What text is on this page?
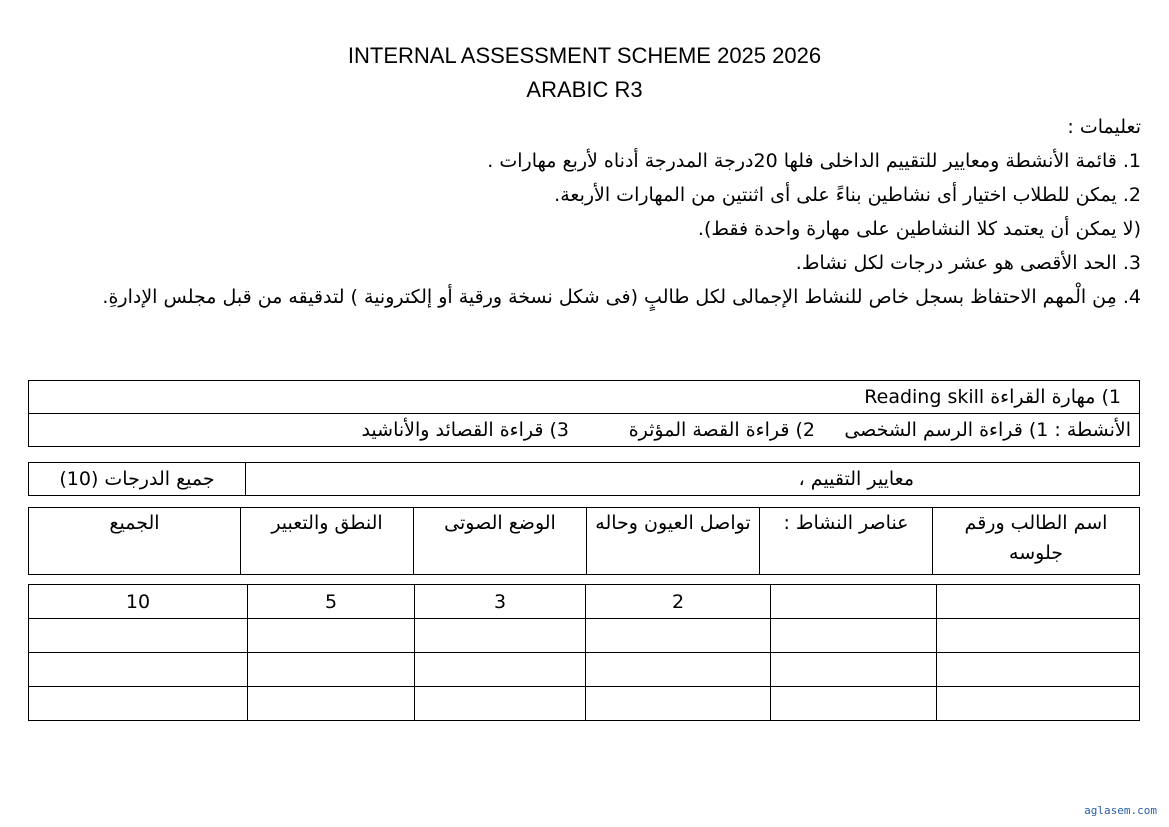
INTERNAL ASSESSMENT SCHEME 2025 2026
ARABIC R3
تعليمات :
1. قائمة الأنشطة ومعايير للتقييم الداخلى فلها 20درجة المدرجة أدناه لأربع مهارات .
2. يمكن للطلاب اختيار أى نشاطين بناءً على أى اثنتين من المهارات الأربعة.
(لا يمكن أن يعتمد كلا النشاطين على مهارة واحدة فقط).
3. الحد الأقصى هو عشر درجات لكل نشاط.
4. مِن الْمهم الاحتفاظ بسجل خاص للنشاط الإجمالى لكل طالبٍ (فى شكل نسخة ورقية أو إلكترونية ) لتدقيقه من قبل مجلس الإدارةِ.
1) مهارة القراءة Reading skill
الأنشطة : 1) قراءة الرسم الشخصى	2) قراءة القصة المؤثرة	3) قراءة القصائد والأناشيد
معايير التقييم ،	جميع الدرجات (10)
اسم الطالب ورقم جلوسه	عناصر النشاط :	تواصل العيون وحاله	الوضع الصوتى	النطق والتعبير	الجميع
		2	3	5	10

aglasem.com
